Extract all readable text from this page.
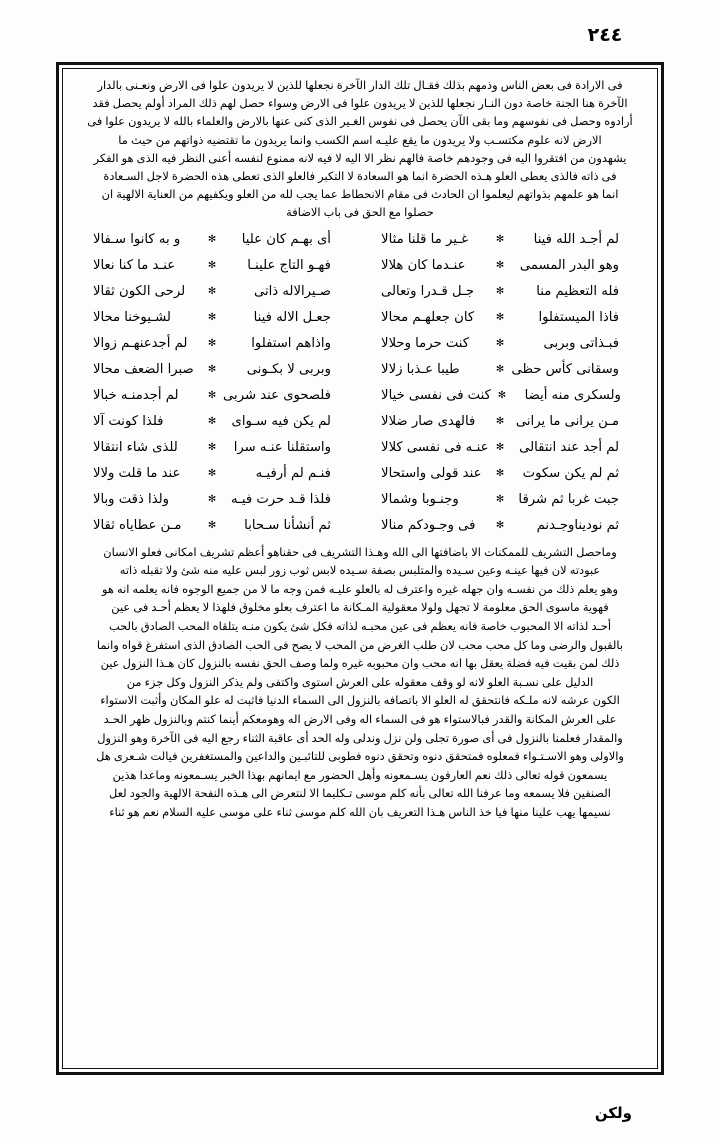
٢٤٤

فى الارادة فى بعض الناس وذمهم بذلك فقـال تلك الدار الآخرة نجعلها للذين لا يريدون علوا فى الارض ونعـنى بالدار

الآخرة هنا الجنة خاصة دون النـار نجعلها للذين لا يريدون علوا فى الارض وسواء حصل لهم ذلك المراد أولم يحصل فقد

أرادوه وحصل فى نفوسهم وما بقى الآن يحصل فى نفوس الغـير الذى كنى عنها بالارض والعلماء بالله لا يريدون علوا فى

الارض لانه علوم مكتسـب ولا يريدون ما يقع عليـه اسم الكسب وانما يريدون ما تقتضيه ذواتهم من حيث ما

يشهدون من افتقروا اليه فى وجودهم خاصة فالهم نظر الا اليه لا فيه لانه ممنوع لنفسه أعنى النظر فيه الذى هو الفكر

فى ذاته فالذى يعطى العلو هـذه الحضرة انما هو السعادة لا التكبر فالعلو الذى تعطى هذه الحضرة لاجل السـعادة

انما هو علمهم بذواتهم ليعلموا ان الحادث فى مقام الانحطاط عما يجب لله من العلو ويكفيهم من العناية الالهية ان

حصلوا مع الحق فى باب الاضافة

لم أجـد الله فينا
✻
غـير ما قلنا مثالا
أى بهـم كان عليا
✻
و به كانوا سـفالا
وهو البدر المسمى
✻
عنـدما كان هلالا
فهـو التاج علينـا
✻
عنـد ما كنا نعالا
فله التعظيم منا
✻
جـل قـدرا وتعالى
صـيرالاله ذاتى
✻
لرحى الكون ثقالا
فاذا الميستفلوا
✻
كان جعلهـم محالا
جعـل الاله فينا
✻
لشـيوخنا محالا
فبـذاتى وبربى
✻
كنت حرما وحلالا
واذاهم استفلوا
✻
لم أجدعنهـم زوالا
وسقانى كأس حظى
✻
طيبا عـذبا زلالا
وبربى لا بكـونى
✻
صبرا الضعف محالا
ولسكرى منه أيضا
✻
كنت فى نفسى خيالا
فلصحوى عند شربى
✻
لم أجدمنـه خبالا
مـن يرانى ما يرانى
✻
فالهدى صار ضلالا
لم يكن فيه سـواى
✻
فلذا كونت آلا
لم أجد عند انتقالى
✻
عنـه فى نفسى كلالا
واستقلنا عنـه سرا
✻
للذى شاء انتقالا
ثم لم يكن سكوت
✻
عند قولى واستحالا
فنـم لم أرفيـه
✻
عند ما قلت ولالا
جبت غربا ثم شرقا
✻
وجنـوبا وشمالا
فلذا قـد حرت فيـه
✻
ولذا ذقت وبالا
ثم نوديناوجـدنم
✻
فى وجـودكم منالا
ثم أنشأنا سـحابا
✻
مـن عطاياه ثقالا

وماحصل التشريف للممكنات الا باضافتها الى الله وهـذا التشريف فى حقناهو أعظم تشريف امكانى فعلو الانسان

عبودته لان فيها عينـه وعين سـيده والمتلبس بصفة سـيده لابس ثوب زور لبس عليه منه شئ ولا تقبله ذاته

وهو يعلم ذلك من نفسـه وان جهله غيره واعترف له بالعلو عليـه فمن وجه ما لا من جميع الوجوه فانه يعلمه انه هو

فهوية ماسوى الحق معلومة لا تجهل ولولا معقولية المـكانة ما اعترف بعلو مخلوق فلهذا لا يعظم أحـد فى عين

أحـد لذاته الا المحبوب خاصة فانه يعظم فى عين محبـه لذاته فكل شئ يكون منـه يتلقاه المحب الصادق بالحب

بالقبول والرضى وما كل محب محب لان طلب الغرض من المحب لا يصح فى الحب الصادق الذى استفرغ قواه وانما

ذلك لمن بقيت فيه فضلة يعقل بها انه محب وان محبوبه غيره ولما وصف الحق نفسه بالنزول كان هـذا النزول عين

الدليل على نسـبة العلو لانه لو وقف معقوله على العرش استوى واكتفى ولم يذكر النزول وكل جزء من

الكون عرشه لانه ملـكه فانتحقق له العلو الا باتصافه بالنزول الى السماء الدنيا فاثبت له علو المكان وأثبت الاستواء

على العرش المكانة والقدر فبالاستواء هو فى السماء اله وفى الارض اله وهومعكم أينما كنتم وبالنزول ظهر الحـد

والمقدار فعلمنا بالنزول فى أى صورة تجلى ولن نزل وندلى وله الحد أى عاقبة الثناء رجع اليه فى الآخرة وهو النزول

والاولى وهو الاسـتـواء فمعلوه فمتحقق دنوه وتحقق دنوه فطوبى للتائبـين والداعين والمستغفرين فيالت شـعرى هل

يسمعون قوله تعالى ذلك نعم العارفون يسـمعونه وأهل الحضور مع ايمانهم بهذا الخبر يسـمعونه وماعدا هذين

الصنفين فلا يسمعه وما عرفنا الله تعالى بأنه كلم موسى تـكليما الا لنتعرض الى هـذه النفحة الالهية والجود لعل

نسيمها يهب علينا منها فيا خذ الناس هـذا التعريف بان الله كلم موسى ثناء على موسى عليه السلام نعم هو ثناء

ولكن
